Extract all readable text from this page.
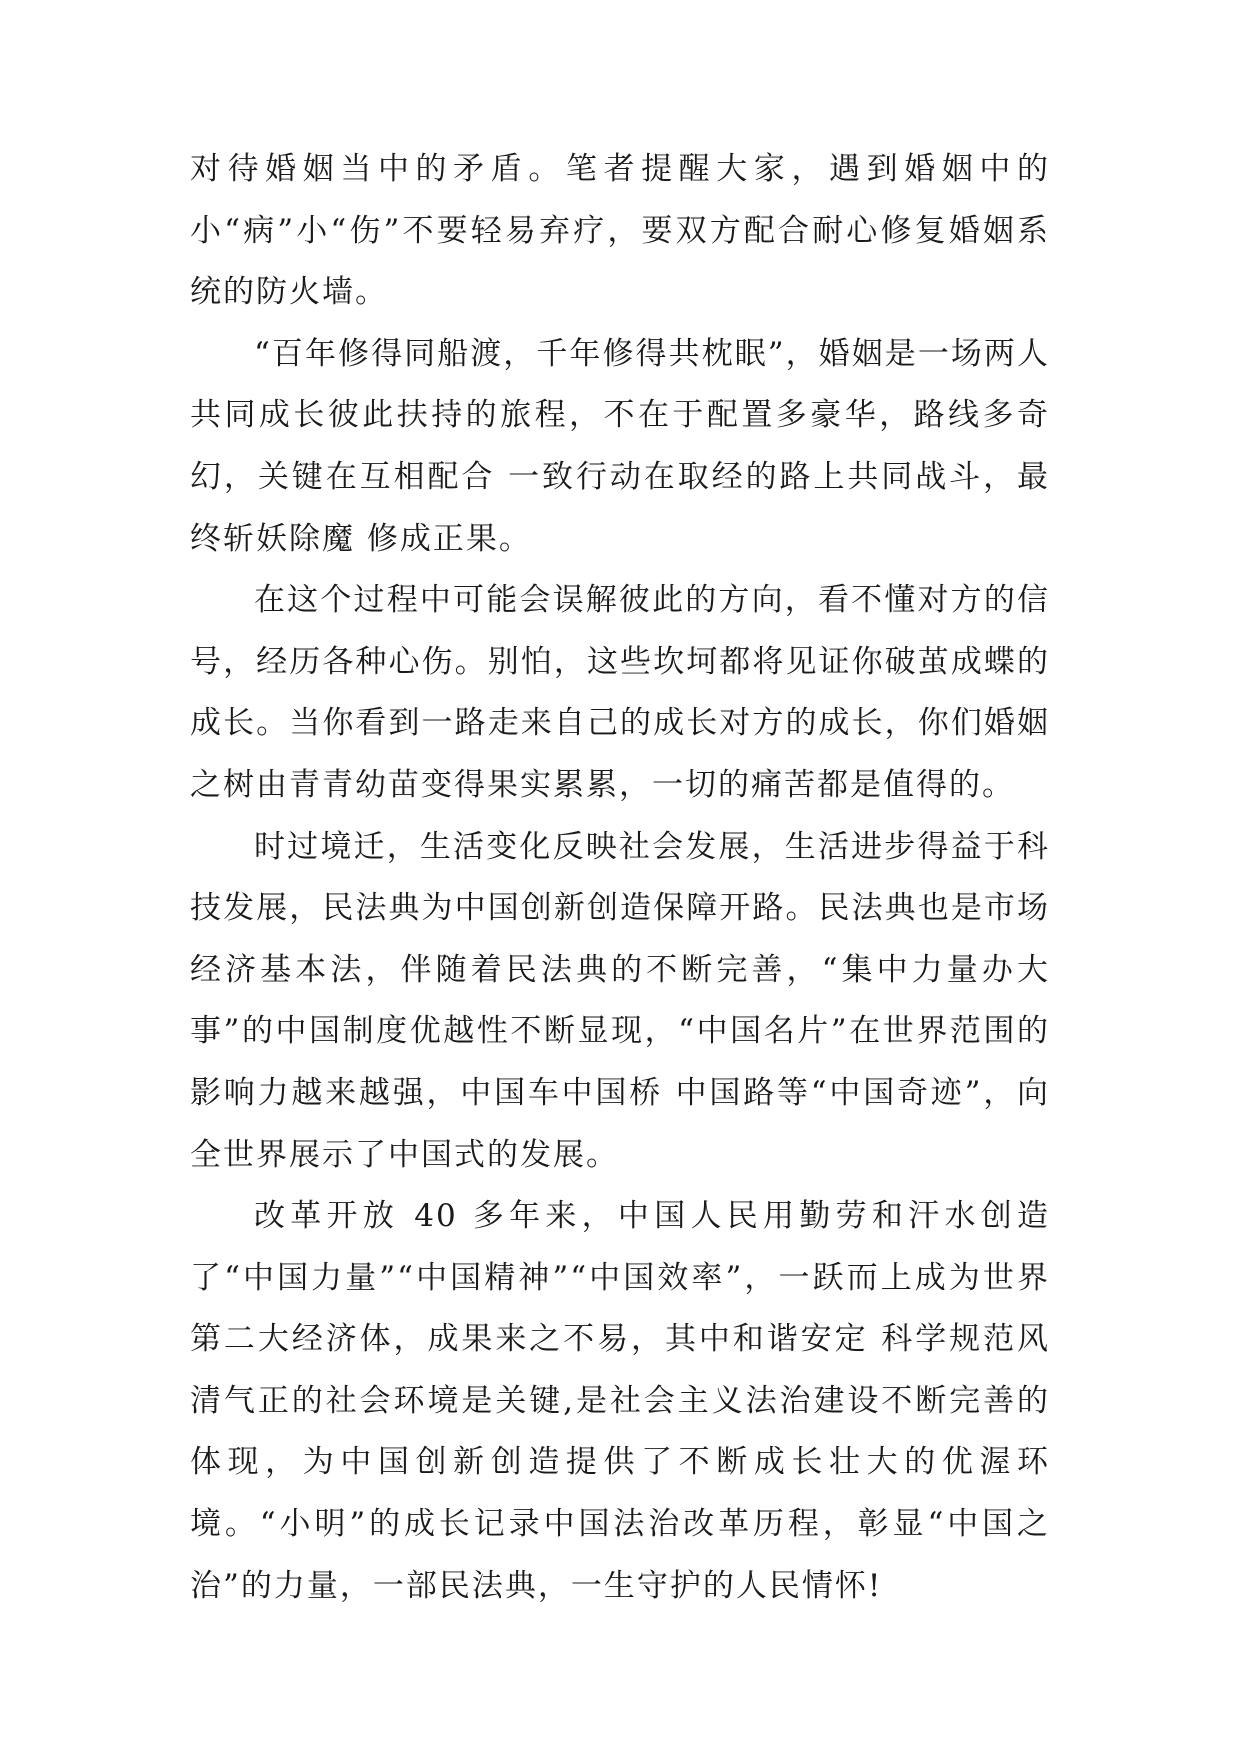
对待婚姻当中的矛盾。笔者提醒大家，遇到婚姻中的小“病”小“伤”不要轻易弃疗，要双方配合耐心修复婚姻系统的防火墙。

“百年修得同船渡，千年修得共枕眠”，婚姻是一场两人共同成长彼此扶持的旅程，不在于配置多豪华，路线多奇幻，关键在互相配合 一致行动在取经的路上共同战斗，最终斩妖除魔 修成正果。

在这个过程中可能会误解彼此的方向，看不懂对方的信号，经历各种心伤。别怕，这些坎坷都将见证你破茧成蝶的成长。当你看到一路走来自己的成长对方的成长，你们婚姻之树由青青幼苗变得果实累累，一切的痛苦都是值得的。

时过境迁，生活变化反映社会发展，生活进步得益于科技发展，民法典为中国创新创造保障开路。民法典也是市场经济基本法，伴随着民法典的不断完善，“集中力量办大事”的中国制度优越性不断显现，“中国名片”在世界范围的影响力越来越强，中国车中国桥 中国路等“中国奇迹”，向全世界展示了中国式的发展。

改革开放 40 多年来，中国人民用勤劳和汗水创造了“中国力量”“中国精神”“中国效率”，一跃而上成为世界第二大经济体，成果来之不易，其中和谐安定 科学规范风清气正的社会环境是关键,是社会主义法治建设不断完善的体现，为中国创新创造提供了不断成长壮大的优渥环境。“小明”的成长记录中国法治改革历程，彰显“中国之治”的力量，一部民法典，一生守护的人民情怀!
